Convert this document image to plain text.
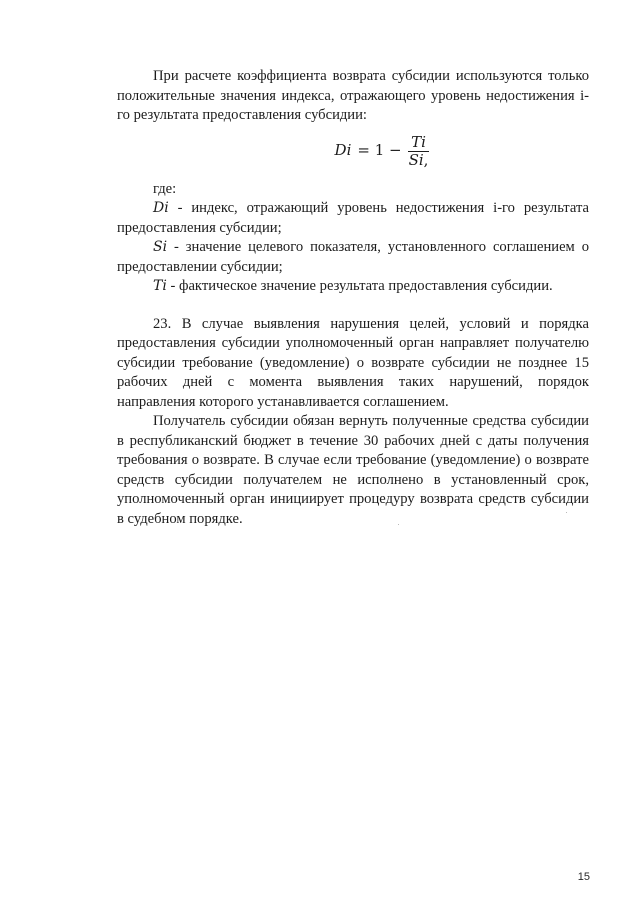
При расчете коэффициента возврата субсидии используются только положительные значения индекса, отражающего уровень недостижения i-го результата предоставления субсидии:

$Di = 1 - \frac{Ti}{Si,}$

где:

Di - индекс, отражающий уровень недостижения i-го результата предоставления субсидии;

Si - значение целевого показателя, установленного соглашением о предоставлении субсидии;

Ti - фактическое значение результата предоставления субсидии.

23. В случае выявления нарушения целей, условий и порядка предоставления субсидии уполномоченный орган направляет получателю субсидии требование (уведомление) о возврате субсидии не позднее 15 рабочих дней с момента выявления таких нарушений, порядок направления которого устанавливается соглашением.

Получатель субсидии обязан вернуть полученные средства субсидии в республиканский бюджет в течение 30 рабочих дней с даты получения требования о возврате. В случае если требование (уведомление) о возврате средств субсидии получателем не исполнено в установленный срок, уполномоченный орган инициирует процедуру возврата средств субсидии в судебном порядке.

15
